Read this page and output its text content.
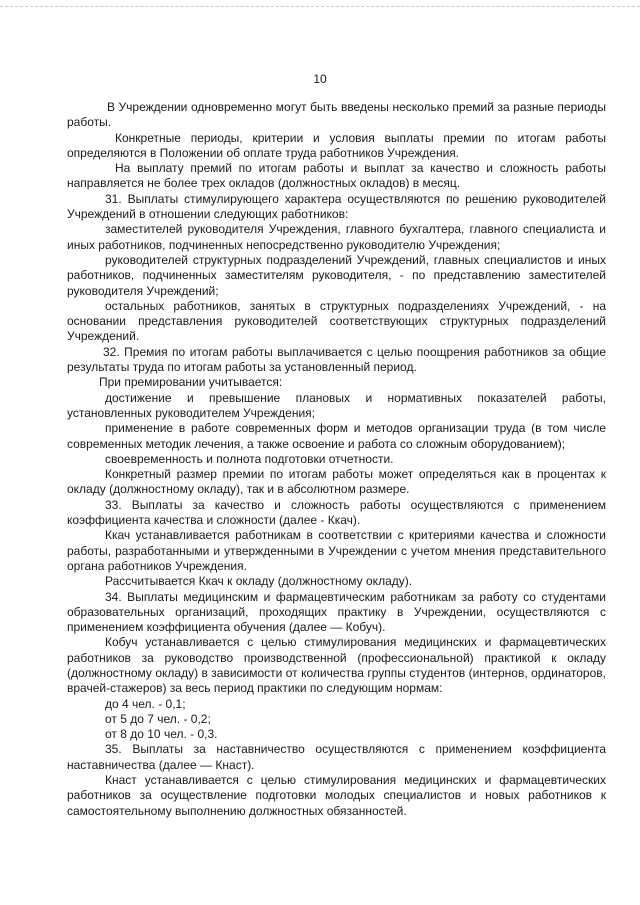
10

В Учреждении одновременно могут быть введены несколько премий за разные периоды работы.

Конкретные периоды, критерии и условия выплаты премии по итогам работы определяются в Положении об оплате труда работников Учреждения.

На выплату премий по итогам работы и выплат за качество и сложность работы направляется не более трех окладов (должностных окладов) в месяц.

31. Выплаты стимулирующего характера осуществляются по решению руководителей Учреждений в отношении следующих работников:

заместителей руководителя Учреждения, главного бухгалтера, главного специалиста и иных работников, подчиненных непосредственно руководителю Учреждения;

руководителей структурных подразделений Учреждений, главных специалистов и иных работников, подчиненных заместителям руководителя, - по представлению заместителей руководителя Учреждений;

остальных работников, занятых в структурных подразделениях Учреждений, - на основании представления руководителей соответствующих структурных подразделений Учреждений.

32. Премия по итогам работы выплачивается с целью поощрения работников за общие результаты труда по итогам работы за установленный период.

При премировании учитывается:

достижение и превышение плановых и нормативных показателей работы, установленных руководителем Учреждения;

применение в работе современных форм и методов организации труда (в том числе современных методик лечения, а также освоение и работа со сложным оборудованием);

своевременность и полнота подготовки отчетности.

Конкретный размер премии по итогам работы может определяться как в процентах к окладу (должностному окладу), так и в абсолютном размере.

33. Выплаты за качество и сложность работы осуществляются с применением коэффициента качества и сложности (далее - Ккач).

Ккач устанавливается работникам в соответствии с критериями качества и сложности работы, разработанными и утвержденными в Учреждении с учетом мнения представительного органа работников Учреждения.

Рассчитывается Ккач к окладу (должностному окладу).

34. Выплаты медицинским и фармацевтическим работникам за работу со студентами образовательных организаций, проходящих практику в Учреждении, осуществляются с применением коэффициента обучения (далее — Кобуч).

Кобуч устанавливается с целью стимулирования медицинских и фармацевтических работников за руководство производственной (профессиональной) практикой к окладу (должностному окладу) в зависимости от количества группы студентов (интернов, ординаторов, врачей-стажеров) за весь период практики по следующим нормам:

до 4 чел. - 0,1;

от 5 до 7 чел. - 0,2;

от 8 до 10 чел. - 0,3.

35. Выплаты за наставничество осуществляются с применением коэффициента наставничества (далее — Кнаст).

Кнаст устанавливается с целью стимулирования медицинских и фармацевтических работников за осуществление подготовки молодых специалистов и новых работников к самостоятельному выполнению должностных обязанностей.
